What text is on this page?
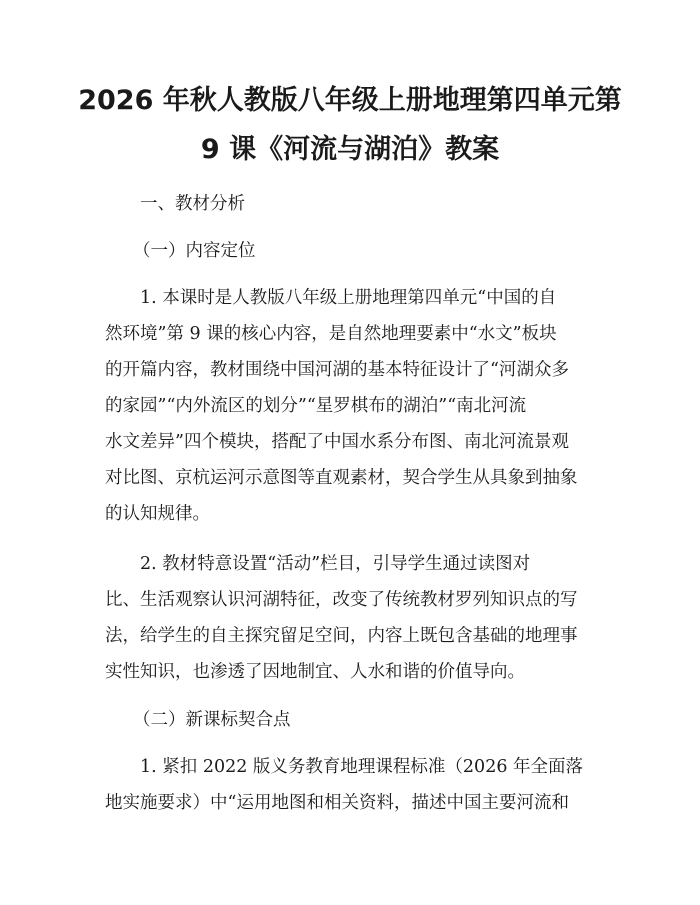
2026 年秋人教版八年级上册地理第四单元第
9 课《河流与湖泊》教案
一、教材分析
（一）内容定位
1. 本课时是人教版八年级上册地理第四单元“中国的自
然环境”第 9 课的核心内容，是自然地理要素中“水文”板块
的开篇内容，教材围绕中国河湖的基本特征设计了“河湖众多
的家园”“内外流区的划分”“星罗棋布的湖泊”“南北河流
水文差异”四个模块，搭配了中国水系分布图、南北河流景观
对比图、京杭运河示意图等直观素材，契合学生从具象到抽象
的认知规律。
2. 教材特意设置“活动”栏目，引导学生通过读图对
比、生活观察认识河湖特征，改变了传统教材罗列知识点的写
法，给学生的自主探究留足空间，内容上既包含基础的地理事
实性知识，也渗透了因地制宜、人水和谐的价值导向。
（二）新课标契合点
1. 紧扣 2022 版义务教育地理课程标准（2026 年全面落
地实施要求）中“运用地图和相关资料，描述中国主要河流和
